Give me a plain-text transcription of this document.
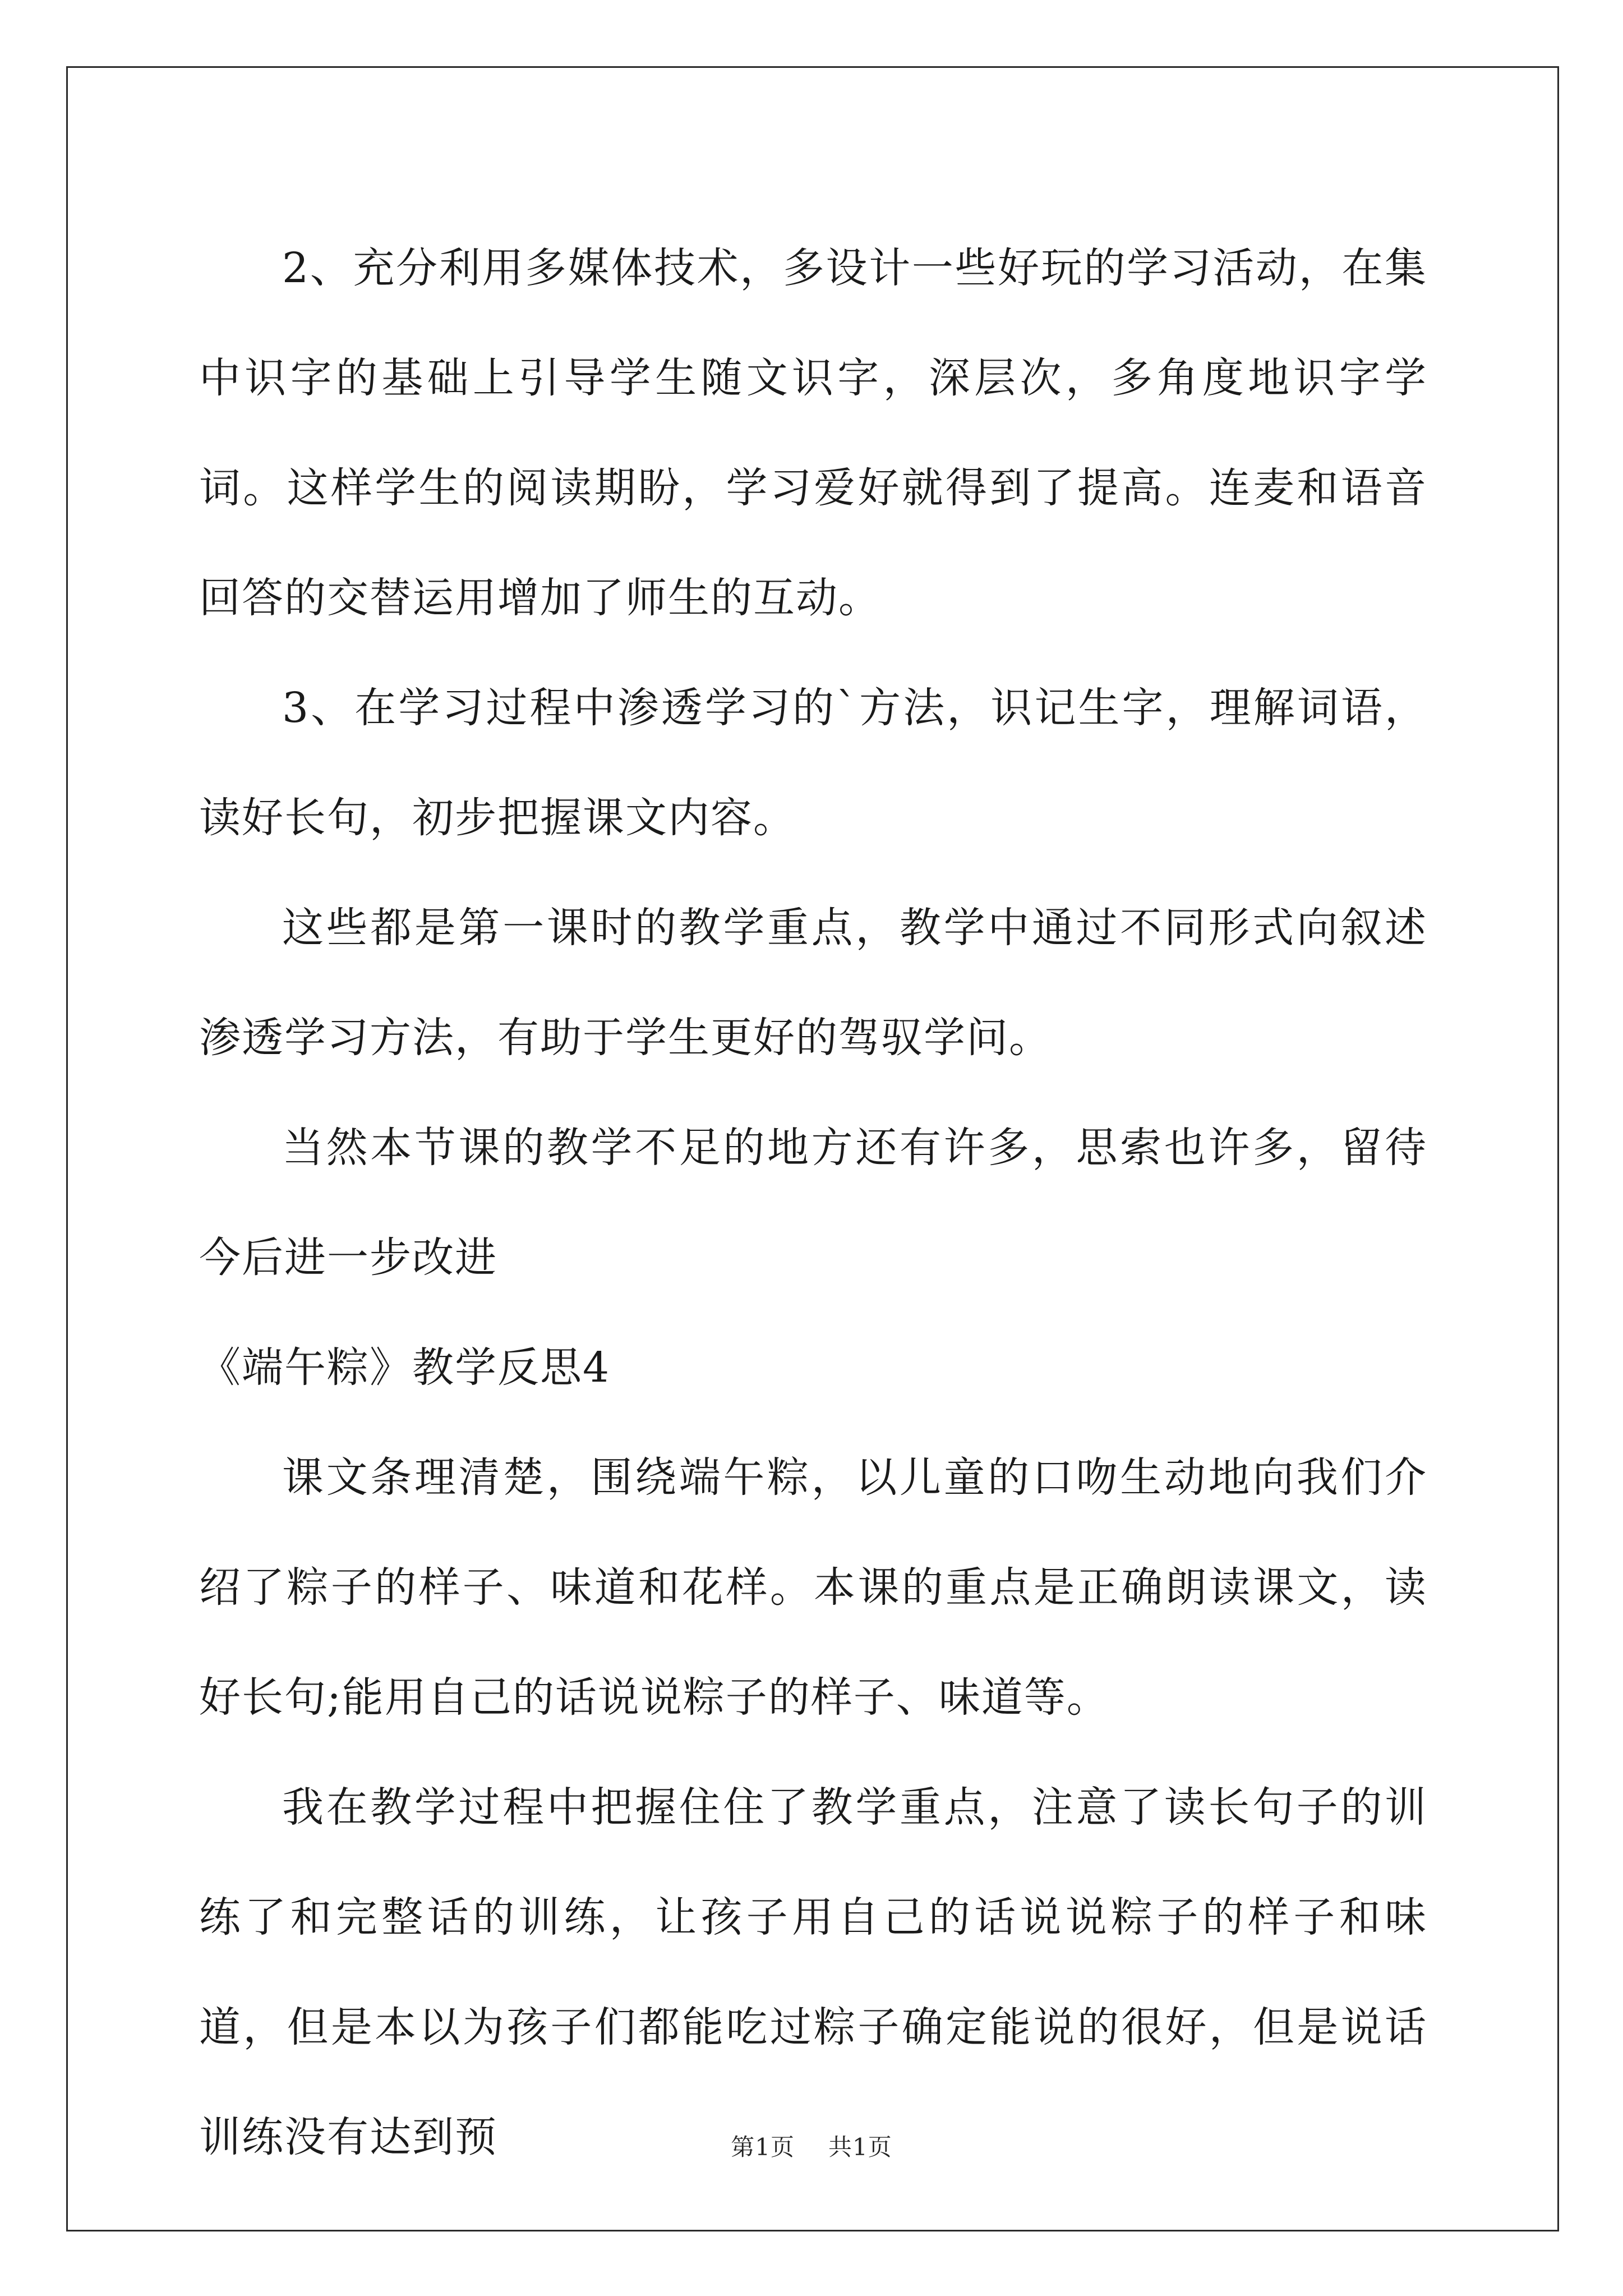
2、充分利用多媒体技术，多设计一些好玩的学习活动，在集中识字的基础上引导学生随文识字，深层次，多角度地识字学词。这样学生的阅读期盼，学习爱好就得到了提高。连麦和语音回答的交替运用增加了师生的互动。

3、在学习过程中渗透学习的`方法，识记生字，理解词语，读好长句，初步把握课文内容。

这些都是第一课时的教学重点，教学中通过不同形式向叙述渗透学习方法，有助于学生更好的驾驭学问。

当然本节课的教学不足的地方还有许多，思索也许多，留待今后进一步改进

《端午粽》教学反思4

课文条理清楚，围绕端午粽，以儿童的口吻生动地向我们介绍了粽子的样子、味道和花样。本课的重点是正确朗读课文，读好长句;能用自己的话说说粽子的样子、味道等。

我在教学过程中把握住住了教学重点，注意了读长句子的训练了和完整话的训练，让孩子用自己的话说说粽子的样子和味道，但是本以为孩子们都能吃过粽子确定能说的很好，但是说话训练没有达到预	第1页 共1页
